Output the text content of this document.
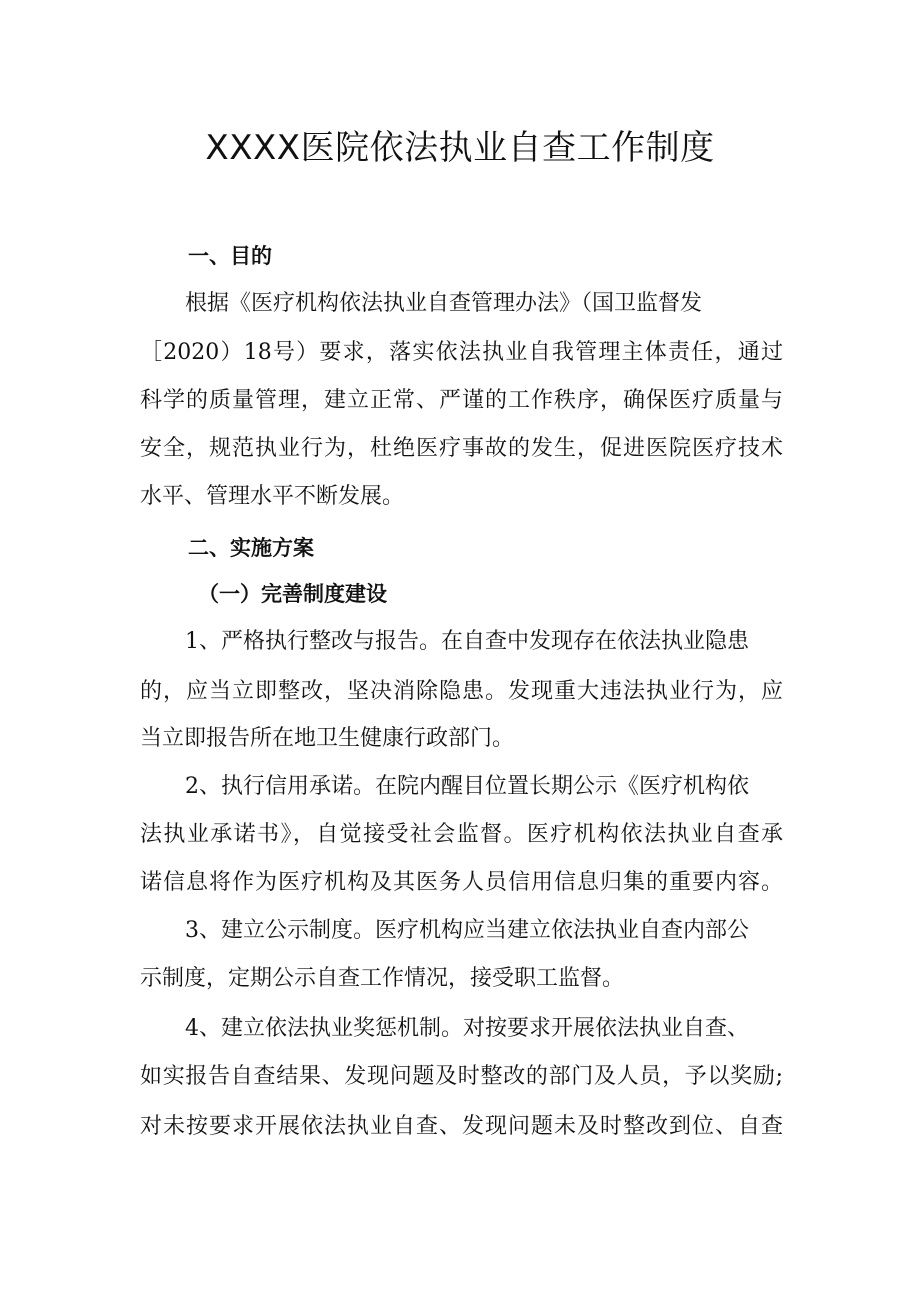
XXXX医院依法执业自查工作制度
一、目的
根据《医疗机构依法执业自查管理办法》（国卫监督发
［2020）18号）要求，落实依法执业自我管理主体责任，通过
科学的质量管理，建立正常、严谨的工作秩序，确保医疗质量与
安全，规范执业行为，杜绝医疗事故的发生，促进医院医疗技术
水平、管理水平不断发展。
二、实施方案
（一）完善制度建设
1、严格执行整改与报告。在自查中发现存在依法执业隐患
的，应当立即整改，坚决消除隐患。发现重大违法执业行为，应
当立即报告所在地卫生健康行政部门。
2、执行信用承诺。在院内醒目位置长期公示《医疗机构依
法执业承诺书》，自觉接受社会监督。医疗机构依法执业自查承
诺信息将作为医疗机构及其医务人员信用信息归集的重要内容。
3、建立公示制度。医疗机构应当建立依法执业自查内部公
示制度，定期公示自查工作情况，接受职工监督。
4、建立依法执业奖惩机制。对按要求开展依法执业自查、
如实报告自查结果、发现问题及时整改的部门及人员，予以奖励;
对未按要求开展依法执业自查、发现问题未及时整改到位、自查
